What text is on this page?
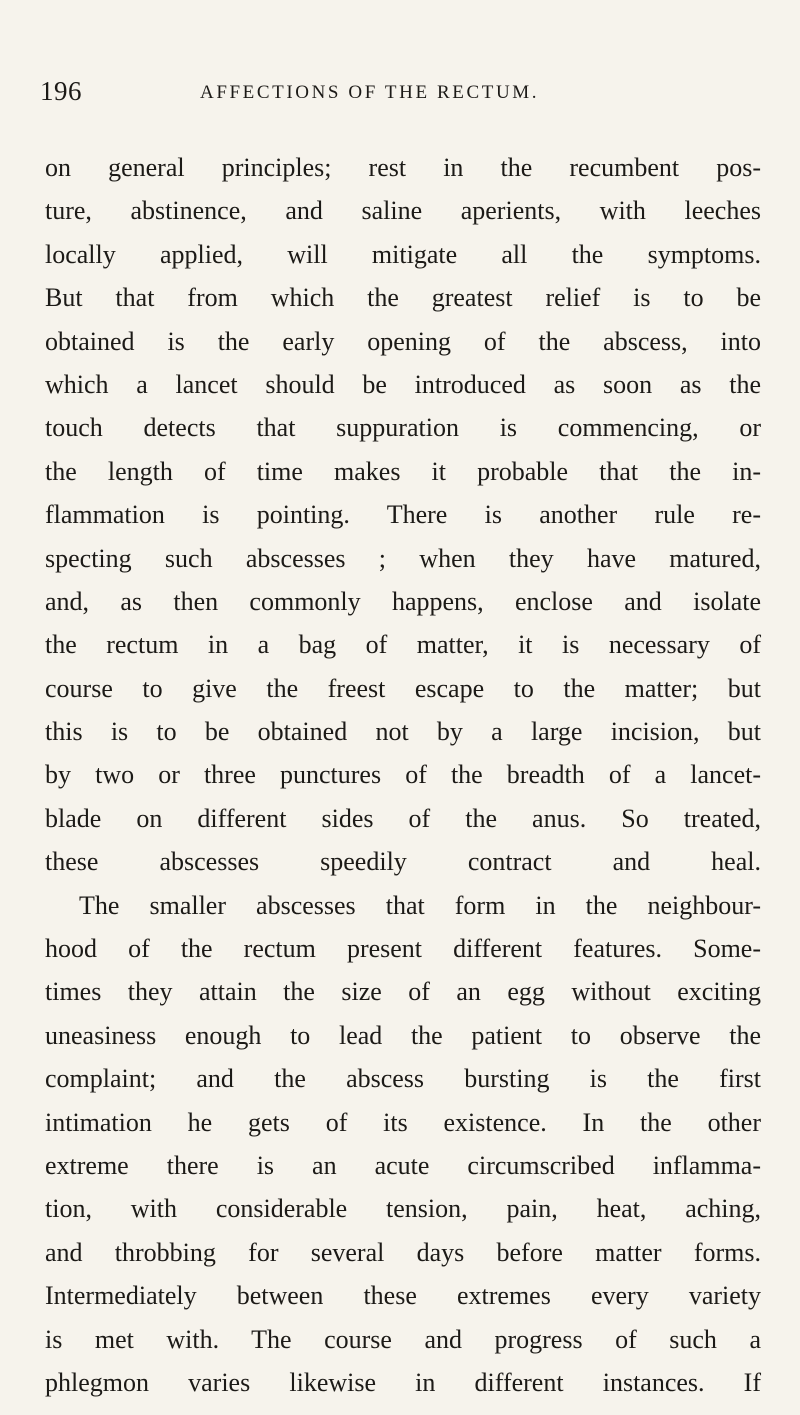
196	AFFECTIONS OF THE RECTUM.
on general principles; rest in the recumbent pos-
ture, abstinence, and saline aperients, with leeches
locally applied, will mitigate all the symptoms.
But that from which the greatest relief is to be
obtained is the early opening of the abscess, into
which a lancet should be introduced as soon as the
touch detects that suppuration is commencing, or
the length of time makes it probable that the in-
flammation is pointing. There is another rule re-
specting such abscesses ; when they have matured,
and, as then commonly happens, enclose and isolate
the rectum in a bag of matter, it is necessary of
course to give the freest escape to the matter; but
this is to be obtained not by a large incision, but
by two or three punctures of the breadth of a lancet-
blade on different sides of the anus. So treated,
these abscesses speedily contract and heal.
The smaller abscesses that form in the neighbour-
hood of the rectum present different features. Some-
times they attain the size of an egg without exciting
uneasiness enough to lead the patient to observe the
complaint; and the abscess bursting is the first
intimation he gets of its existence. In the other
extreme there is an acute circumscribed inflamma-
tion, with considerable tension, pain, heat, aching,
and throbbing for several days before matter forms.
Intermediately between these extremes every variety
is met with. The course and progress of such a
phlegmon varies likewise in different instances. If
